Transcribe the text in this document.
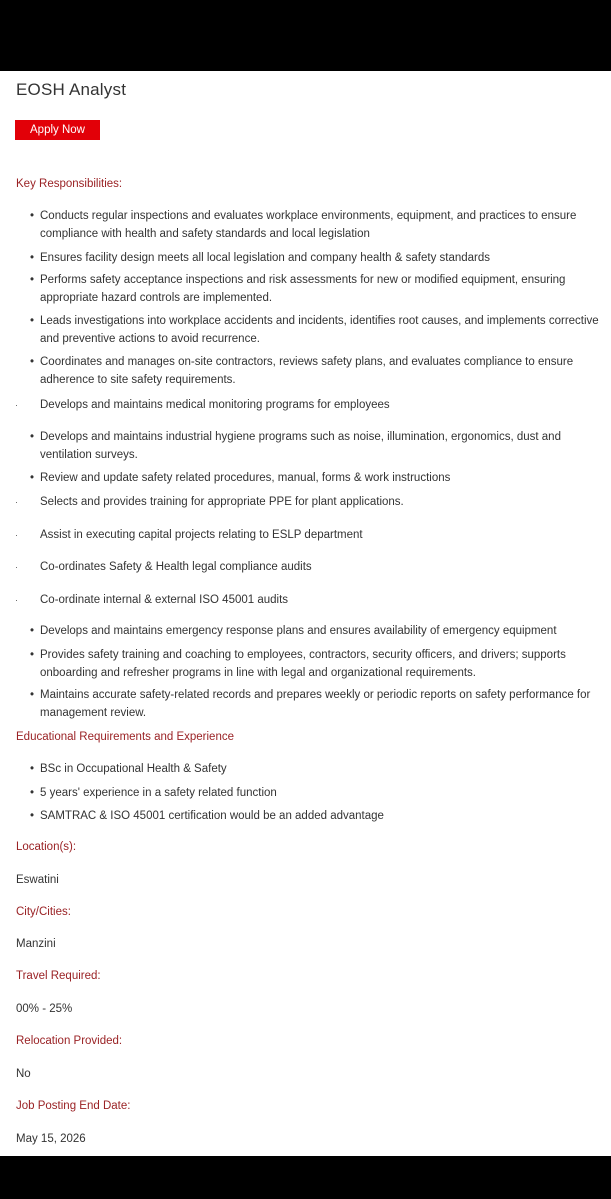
EOSH Analyst
Apply Now
Key Responsibilities:
• Conducts regular inspections and evaluates workplace environments, equipment, and practices to ensure compliance with health and safety standards and local legislation
• Ensures facility design meets all local legislation and company health & safety standards
• Performs safety acceptance inspections and risk assessments for new or modified equipment, ensuring appropriate hazard controls are implemented.
• Leads investigations into workplace accidents and incidents, identifies root causes, and implements corrective and preventive actions to avoid recurrence.
• Coordinates and manages on-site contractors, reviews safety plans, and evaluates compliance to ensure adherence to site safety requirements.
· Develops and maintains medical monitoring programs for employees
• Develops and maintains industrial hygiene programs such as noise, illumination, ergonomics, dust and ventilation surveys.
• Review and update safety related procedures, manual, forms & work instructions
· Selects and provides training for appropriate PPE for plant applications.
· Assist in executing capital projects relating to ESLP department
· Co-ordinates Safety & Health legal compliance audits
· Co-ordinate internal & external ISO 45001 audits
• Develops and maintains emergency response plans and ensures availability of emergency equipment
• Provides safety training and coaching to employees, contractors, security officers, and drivers; supports onboarding and refresher programs in line with legal and organizational requirements.
• Maintains accurate safety-related records and prepares weekly or periodic reports on safety performance for management review.
Educational Requirements and Experience
• BSc in Occupational Health & Safety
• 5 years' experience in a safety related function
• SAMTRAC & ISO 45001 certification would be an added advantage
Location(s):
Eswatini
City/Cities:
Manzini
Travel Required:
00% - 25%
Relocation Provided:
No
Job Posting End Date:
May 15, 2026
